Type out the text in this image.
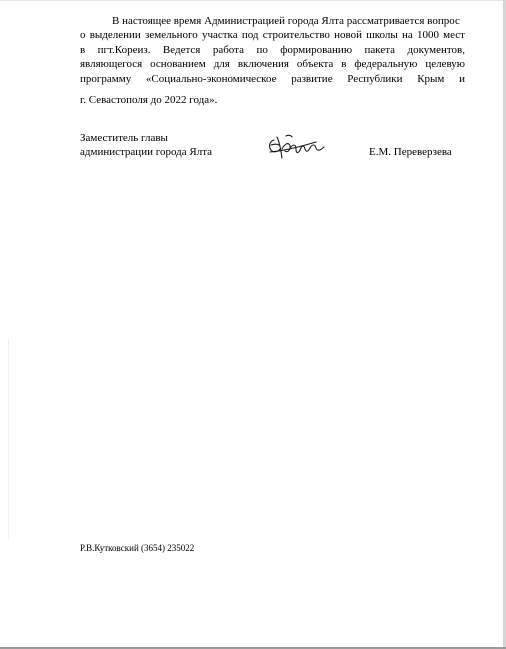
В настоящее время Администрацией города Ялта рассматривается вопрос
о выделении земельного участка под строительство новой школы на 1000 мест
в пгт.Кореиз. Ведется работа по формированию пакета документов,
являющегося основанием для включения объекта в федеральную целевую
программу «Социально-экономическое развитие Республики Крым и
г. Севастополя до 2022 года».
Заместитель главы
администрации города Ялта	Е.М. Переверзева
Р.В.Кутковский (3654) 235022
